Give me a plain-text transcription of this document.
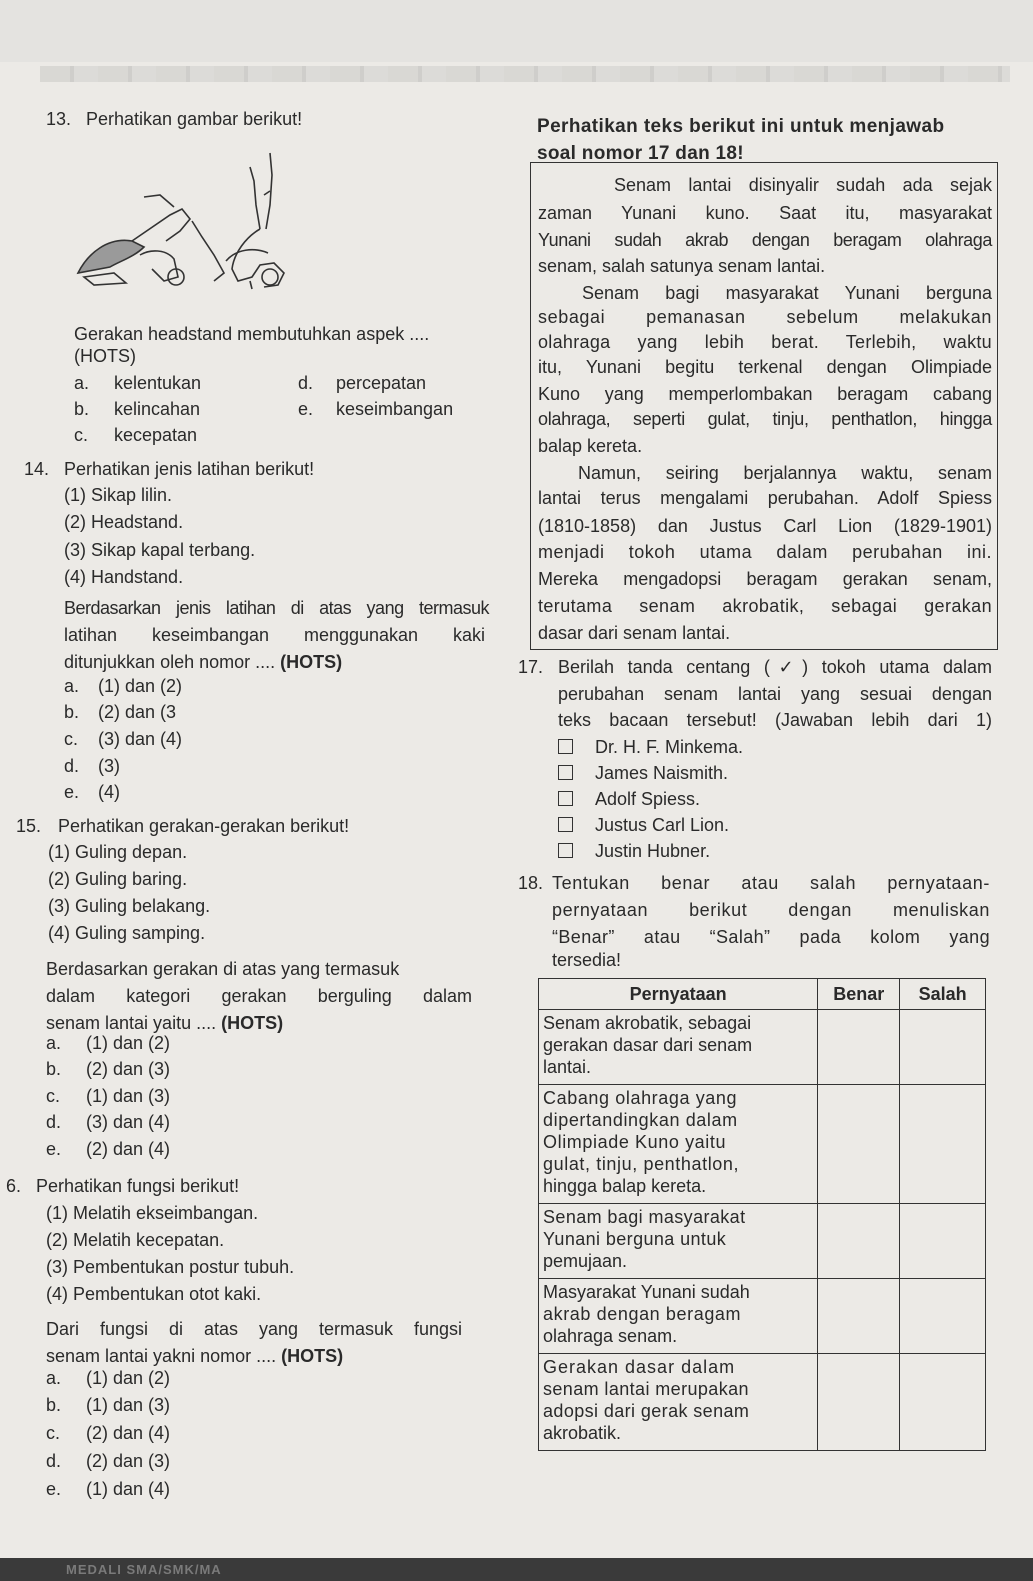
13. Perhatikan gambar berikut!
Gerakan headstand membutuhkan aspek ....
(HOTS)
a. kelentukan
b. kelincahan
c. kecepatan
d. percepatan
e. keseimbangan
14. Perhatikan jenis latihan berikut!
(1) Sikap lilin.
(2) Headstand.
(3) Sikap kapal terbang.
(4) Handstand.
Berdasarkan jenis latihan di atas yang termasuk
latihan keseimbangan menggunakan kaki
ditunjukkan oleh nomor .... (HOTS)
a. (1) dan (2)
b. (2) dan (3
c. (3) dan (4)
d. (3)
e. (4)
15. Perhatikan gerakan-gerakan berikut!
(1) Guling depan.
(2) Guling baring.
(3) Guling belakang.
(4) Guling samping.
Berdasarkan gerakan di atas yang termasuk
dalam kategori gerakan berguling dalam
senam lantai yaitu .... (HOTS)
a. (1) dan (2)
b. (2) dan (3)
c. (1) dan (3)
d. (3) dan (4)
e. (2) dan (4)
6. Perhatikan fungsi berikut!
(1) Melatih ekseimbangan.
(2) Melatih kecepatan.
(3) Pembentukan postur tubuh.
(4) Pembentukan otot kaki.
Dari fungsi di atas yang termasuk fungsi
senam lantai yakni nomor .... (HOTS)
a. (1) dan (2)
b. (1) dan (3)
c. (2) dan (4)
d. (2) dan (3)
e. (1) dan (4)
Perhatikan teks berikut ini untuk menjawab
soal nomor 17 dan 18!
Senam lantai disinyalir sudah ada sejak
zaman Yunani kuno. Saat itu, masyarakat
Yunani sudah akrab dengan beragam olahraga
senam, salah satunya senam lantai.
Senam bagi masyarakat Yunani berguna
sebagai pemanasan sebelum melakukan
olahraga yang lebih berat. Terlebih, waktu
itu, Yunani begitu terkenal dengan Olimpiade
Kuno yang memperlombakan beragam cabang
olahraga, seperti gulat, tinju, penthatlon, hingga
balap kereta.
Namun, seiring berjalannya waktu, senam
lantai terus mengalami perubahan. Adolf Spiess
(1810-1858) dan Justus Carl Lion (1829-1901)
menjadi tokoh utama dalam perubahan ini.
Mereka mengadopsi beragam gerakan senam,
terutama senam akrobatik, sebagai gerakan
dasar dari senam lantai.
17. Berilah tanda centang (✓) tokoh utama dalam
perubahan senam lantai yang sesuai dengan
teks bacaan tersebut! (Jawaban lebih dari 1)
Dr. H. F. Minkema.
James Naismith.
Adolf Spiess.
Justus Carl Lion.
Justin Hubner.
18. Tentukan benar atau salah pernyataan-
pernyataan berikut dengan menuliskan
“Benar” atau “Salah” pada kolom yang
tersedia!
Pernyataan	Benar	Salah

Senam akrobatik, sebagai
gerakan dasar dari senam
lantai.		

Cabang olahraga yang
dipertandingkan dalam
Olimpiade Kuno yaitu
gulat, tinju, penthatlon,
hingga balap kereta.		

Senam bagi masyarakat
Yunani berguna untuk
pemujaan.		

Masyarakat Yunani sudah
akrab dengan beragam
olahraga senam.		

Gerakan dasar dalam
senam lantai merupakan
adopsi dari gerak senam
akrobatik.		

MEDALI SMA/SMK/MA
